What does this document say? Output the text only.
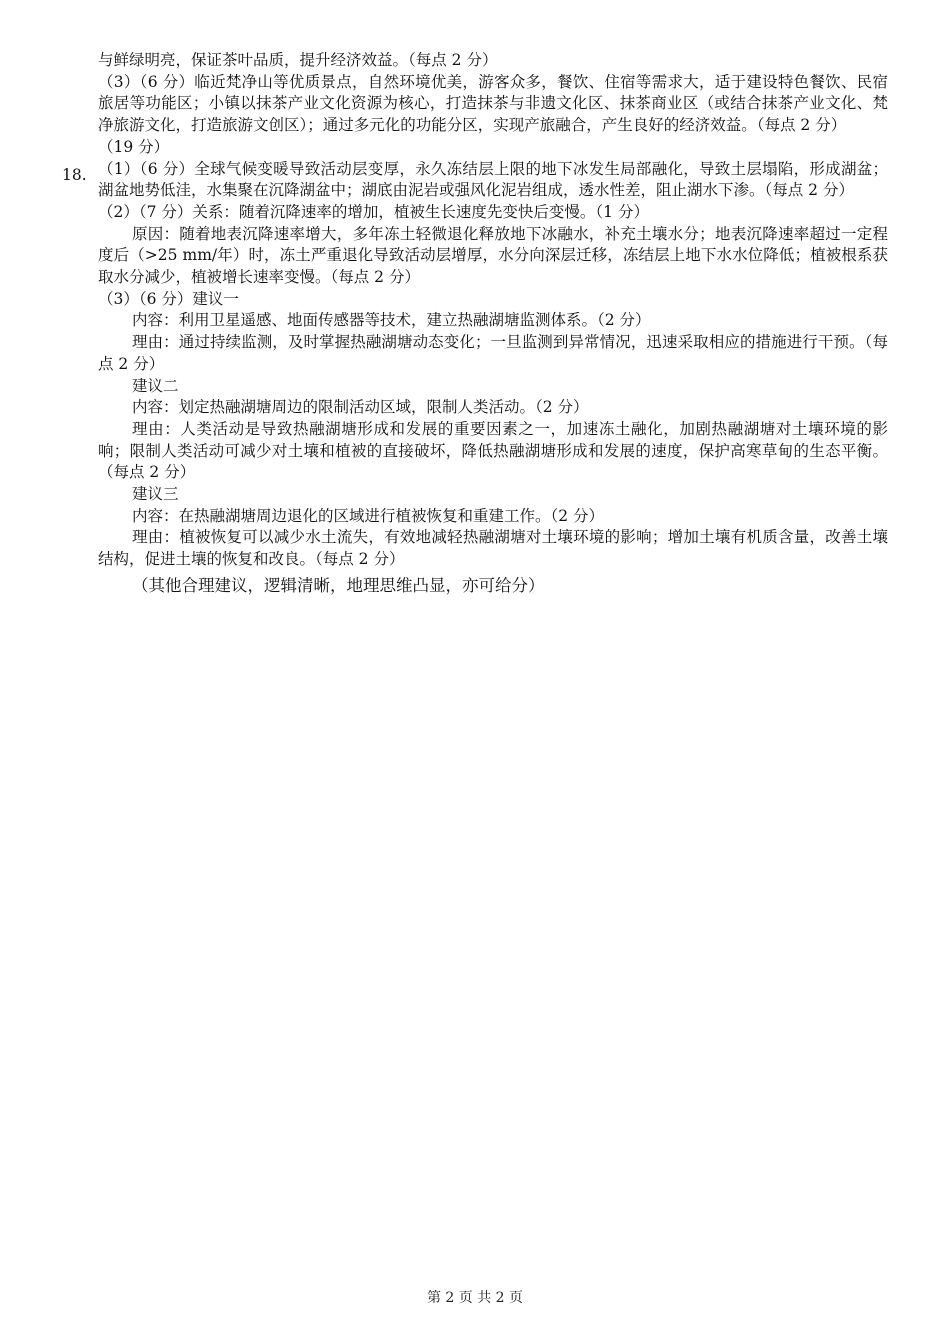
18.

与鲜绿明亮，保证茶叶品质，提升经济效益。（每点 2 分）

（3）（6 分）临近梵净山等优质景点，自然环境优美，游客众多，餐饮、住宿等需求大，适于建设特色餐饮、民宿旅居等功能区；小镇以抹茶产业文化资源为核心，打造抹茶与非遗文化区、抹茶商业区（或结合抹茶产业文化、梵净旅游文化，打造旅游文创区）；通过多元化的功能分区，实现产旅融合，产生良好的经济效益。（每点 2 分）

（19 分）

（1）（6 分）全球气候变暖导致活动层变厚，永久冻结层上限的地下冰发生局部融化，导致土层塌陷，形成湖盆；湖盆地势低洼，水集聚在沉降湖盆中；湖底由泥岩或强风化泥岩组成，透水性差，阻止湖水下渗。（每点 2 分）

（2）（7 分）关系：随着沉降速率的增加，植被生长速度先变快后变慢。（1 分）

原因：随着地表沉降速率增大，多年冻土轻微退化释放地下冰融水，补充土壤水分；地表沉降速率超过一定程度后（>25 mm/年）时，冻土严重退化导致活动层增厚，水分向深层迁移，冻结层上地下水水位降低；植被根系获取水分减少，植被增长速率变慢。（每点 2 分）

（3）（6 分）建议一

内容：利用卫星遥感、地面传感器等技术，建立热融湖塘监测体系。（2 分）

理由：通过持续监测，及时掌握热融湖塘动态变化；一旦监测到异常情况，迅速采取相应的措施进行干预。（每点 2 分）

建议二

内容：划定热融湖塘周边的限制活动区域，限制人类活动。（2 分）

理由：人类活动是导致热融湖塘形成和发展的重要因素之一，加速冻土融化，加剧热融湖塘对土壤环境的影响；限制人类活动可减少对土壤和植被的直接破坏，降低热融湖塘形成和发展的速度，保护高寒草甸的生态平衡。（每点 2 分）

建议三

内容：在热融湖塘周边退化的区域进行植被恢复和重建工作。（2 分）

理由：植被恢复可以减少水土流失，有效地减轻热融湖塘对土壤环境的影响；增加土壤有机质含量，改善土壤结构，促进土壤的恢复和改良。（每点 2 分）

（其他合理建议，逻辑清晰，地理思维凸显，亦可给分）

第 2 页 共 2 页
